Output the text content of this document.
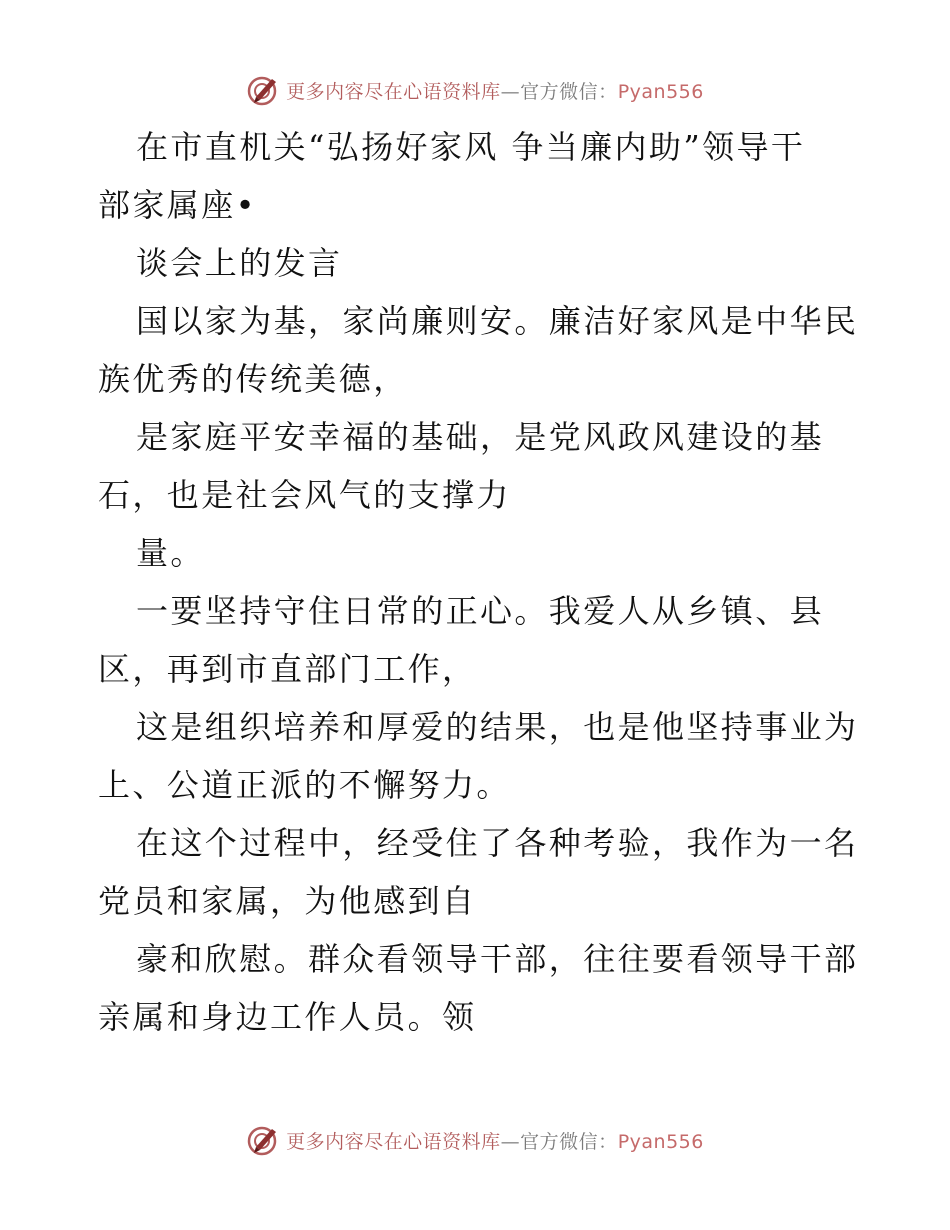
更多内容尽在心语资料库—官方微信：Pyan556
在市直机关“弘扬好家风 争当廉内助”领导干
部家属座•
谈会上的发言
国以家为基，家尚廉则安。廉洁好家风是中华民
族优秀的传统美德，
是家庭平安幸福的基础，是党风政风建设的基
石，也是社会风气的支撑力
量。
一要坚持守住日常的正心。我爱人从乡镇、县
区，再到市直部门工作，
这是组织培养和厚爱的结果，也是他坚持事业为
上、公道正派的不懈努力。
在这个过程中，经受住了各种考验，我作为一名
党员和家属，为他感到自
豪和欣慰。群众看领导干部，往往要看领导干部
亲属和身边工作人员。领
更多内容尽在心语资料库—官方微信：Pyan556
